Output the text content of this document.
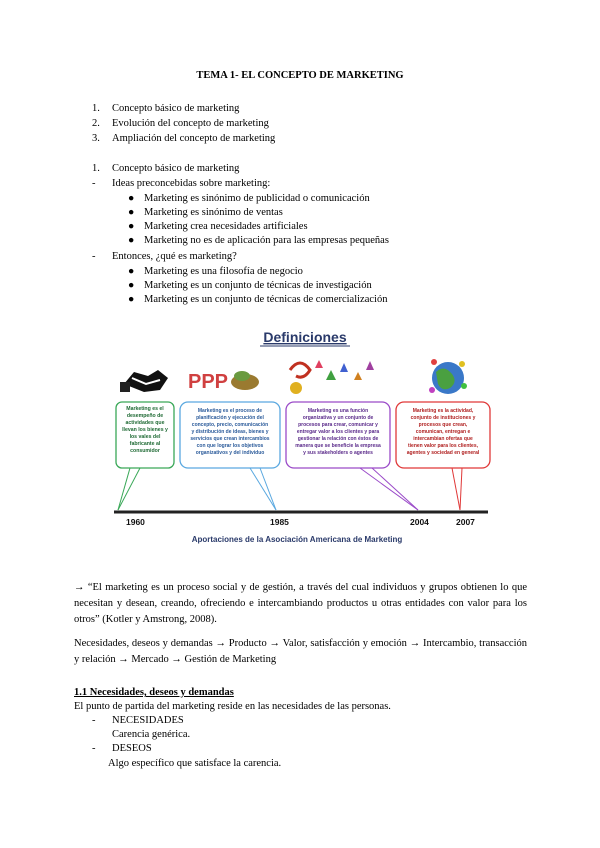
TEMA 1- EL CONCEPTO DE MARKETING
1. Concepto básico de marketing
2. Evolución del concepto de marketing
3. Ampliación del concepto de marketing
1. Concepto básico de marketing
- Ideas preconcebidas sobre marketing:
● Marketing es sinónimo de publicidad o comunicación
● Marketing es sinónimo de ventas
● Marketing crea necesidades artificiales
● Marketing no es de aplicación para las empresas pequeñas
- Entonces, ¿qué es marketing?
● Marketing es una filosofía de negocio
● Marketing es un conjunto de técnicas de investigación
● Marketing es un conjunto de técnicas de comercialización
Definiciones
PPP
Marketing es el
desempeño de
actividades que
llevan los bienes y
los vales del
fabricante al
consumidor
Marketing es el proceso de
planificación y ejecución del
concepto, precio, comunicación
y distribución de ideas, bienes y
servicios que crean intercambios
con que lograr los objetivos
organizativos y del individuo
Marketing es una función
organizativa y un conjunto de
procesos para crear, comunicar y
entregar valor a los clientes y para
gestionar la relación con éstos de
manera que se beneficie la empresa
y sus stakeholders o agentes
Marketing es la actividad,
conjunto de instituciones y
procesos que crean,
comunican, entregan e
intercambian ofertas que
tienen valor para los clientes,
agentes y sociedad en general
1960	1985	2004	2007
Aportaciones de la Asociación Americana de Marketing
→ “El marketing es un proceso social y de gestión, a través del cual individuos y grupos obtienen lo que necesitan y desean, creando, ofreciendo e intercambiando productos u otras entidades con valor para los otros” (Kotler y Amstrong, 2008).
Necesidades, deseos y demandas → Producto → Valor, satisfacción y emoción → Intercambio, transacción y relación → Mercado → Gestión de Marketing
1.1 Necesidades, deseos y demandas
El punto de partida del marketing reside en las necesidades de las personas.
- NECESIDADES
Carencia genérica.
- DESEOS
Algo específico que satisface la carencia.
